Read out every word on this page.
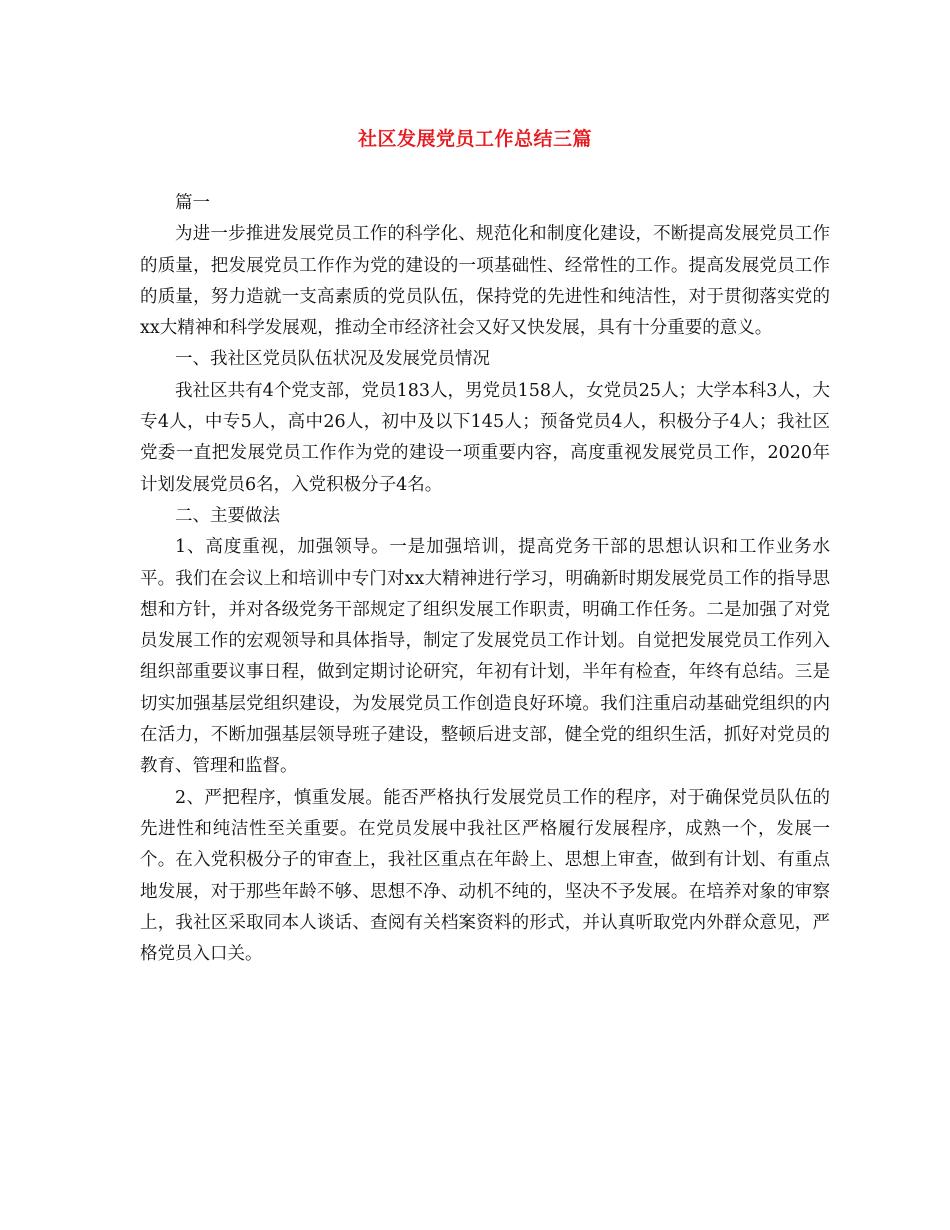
社区发展党员工作总结三篇

篇一

为进一步推进发展党员工作的科学化、规范化和制度化建设，不断提高发展党员工作的质量，把发展党员工作作为党的建设的一项基础性、经常性的工作。提高发展党员工作的质量，努力造就一支高素质的党员队伍，保持党的先进性和纯洁性，对于贯彻落实党的xx大精神和科学发展观，推动全市经济社会又好又快发展，具有十分重要的意义。

一、我社区党员队伍状况及发展党员情况

我社区共有4个党支部，党员183人，男党员158人，女党员25人；大学本科3人，大专4人，中专5人，高中26人，初中及以下145人；预备党员4人，积极分子4人；我社区党委一直把发展党员工作作为党的建设一项重要内容，高度重视发展党员工作，2020年计划发展党员6名，入党积极分子4名。

二、主要做法

1、高度重视，加强领导。一是加强培训，提高党务干部的思想认识和工作业务水平。我们在会议上和培训中专门对xx大精神进行学习，明确新时期发展党员工作的指导思想和方针，并对各级党务干部规定了组织发展工作职责，明确工作任务。二是加强了对党员发展工作的宏观领导和具体指导，制定了发展党员工作计划。自觉把发展党员工作列入组织部重要议事日程，做到定期讨论研究，年初有计划，半年有检查，年终有总结。三是切实加强基层党组织建设，为发展党员工作创造良好环境。我们注重启动基础党组织的内在活力，不断加强基层领导班子建设，整顿后进支部，健全党的组织生活，抓好对党员的教育、管理和监督。

2、严把程序，慎重发展。能否严格执行发展党员工作的程序，对于确保党员队伍的先进性和纯洁性至关重要。在党员发展中我社区严格履行发展程序，成熟一个，发展一个。在入党积极分子的审查上，我社区重点在年龄上、思想上审查，做到有计划、有重点地发展，对于那些年龄不够、思想不净、动机不纯的，坚决不予发展。在培养对象的审察上，我社区采取同本人谈话、查阅有关档案资料的形式，并认真听取党内外群众意见，严格党员入口关。
